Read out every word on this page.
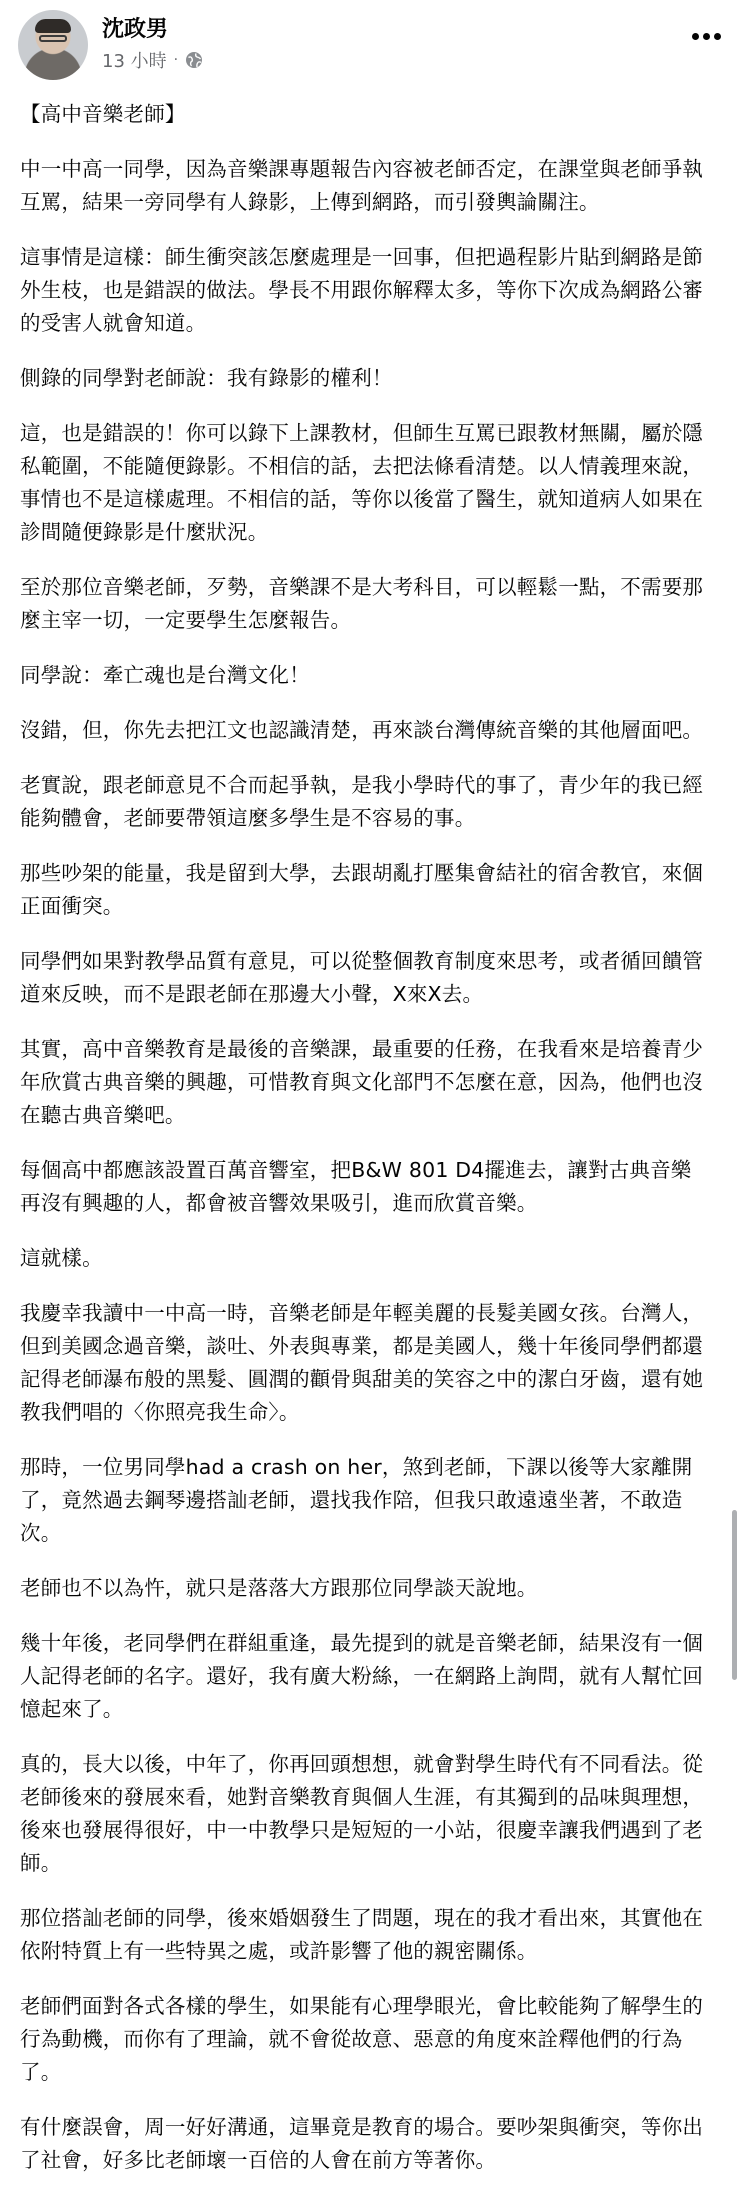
沈政男
13 小時 ·

【高中音樂老師】

中一中高一同學，因為音樂課專題報告內容被老師否定，在課堂與老師爭執互罵，結果一旁同學有人錄影，上傳到網路，而引發輿論關注。

這事情是這樣：師生衝突該怎麼處理是一回事，但把過程影片貼到網路是節外生枝，也是錯誤的做法。學長不用跟你解釋太多，等你下次成為網路公審的受害人就會知道。

側錄的同學對老師說：我有錄影的權利！

這，也是錯誤的！你可以錄下上課教材，但師生互罵已跟教材無關，屬於隱私範圍，不能隨便錄影。不相信的話，去把法條看清楚。以人情義理來說，事情也不是這樣處理。不相信的話，等你以後當了醫生，就知道病人如果在診間隨便錄影是什麼狀況。

至於那位音樂老師，歹勢，音樂課不是大考科目，可以輕鬆一點，不需要那麼主宰一切，一定要學生怎麼報告。

同學說：牽亡魂也是台灣文化！

沒錯，但，你先去把江文也認識清楚，再來談台灣傳統音樂的其他層面吧。

老實說，跟老師意見不合而起爭執，是我小學時代的事了，青少年的我已經能夠體會，老師要帶領這麼多學生是不容易的事。

那些吵架的能量，我是留到大學，去跟胡亂打壓集會結社的宿舍教官，來個正面衝突。

同學們如果對教學品質有意見，可以從整個教育制度來思考，或者循回饋管道來反映，而不是跟老師在那邊大小聲，X來X去。

其實，高中音樂教育是最後的音樂課，最重要的任務，在我看來是培養青少年欣賞古典音樂的興趣，可惜教育與文化部門不怎麼在意，因為，他們也沒在聽古典音樂吧。

每個高中都應該設置百萬音響室，把B&W 801 D4擺進去，讓對古典音樂再沒有興趣的人，都會被音響效果吸引，進而欣賞音樂。

這就樣。

我慶幸我讀中一中高一時，音樂老師是年輕美麗的長髮美國女孩。台灣人，但到美國念過音樂，談吐、外表與專業，都是美國人，幾十年後同學們都還記得老師瀑布般的黑髮、圓潤的顴骨與甜美的笑容之中的潔白牙齒，還有她教我們唱的〈你照亮我生命〉。

那時，一位男同學had a crash on her，煞到老師，下課以後等大家離開了，竟然過去鋼琴邊搭訕老師，還找我作陪，但我只敢遠遠坐著，不敢造次。

老師也不以為忤，就只是落落大方跟那位同學談天說地。

幾十年後，老同學們在群組重逢，最先提到的就是音樂老師，結果沒有一個人記得老師的名字。還好，我有廣大粉絲，一在網路上詢問，就有人幫忙回憶起來了。

真的，長大以後，中年了，你再回頭想想，就會對學生時代有不同看法。從老師後來的發展來看，她對音樂教育與個人生涯，有其獨到的品味與理想，後來也發展得很好，中一中教學只是短短的一小站，很慶幸讓我們遇到了老師。

那位搭訕老師的同學，後來婚姻發生了問題，現在的我才看出來，其實他在依附特質上有一些特異之處，或許影響了他的親密關係。

老師們面對各式各樣的學生，如果能有心理學眼光，會比較能夠了解學生的行為動機，而你有了理論，就不會從故意、惡意的角度來詮釋他們的行為了。

有什麼誤會，周一好好溝通，這畢竟是教育的場合。要吵架與衝突，等你出了社會，好多比老師壞一百倍的人會在前方等著你。
